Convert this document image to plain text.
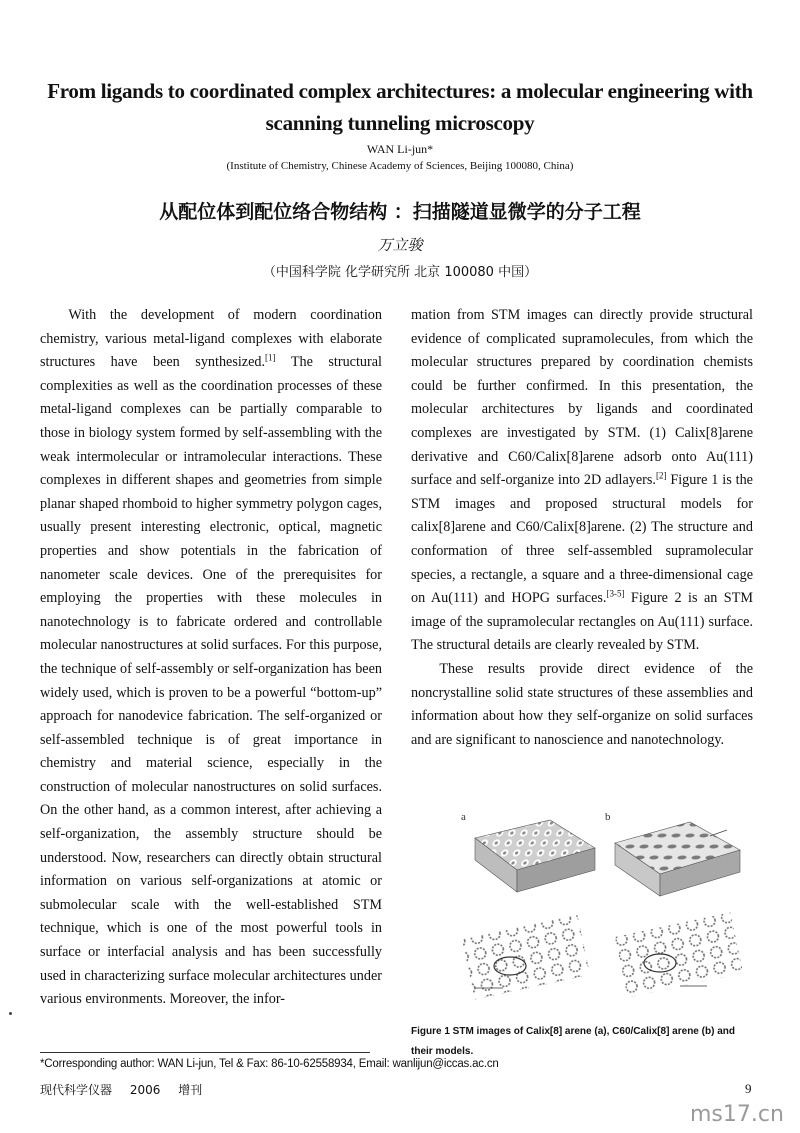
From ligands to coordinated complex architectures: a molecular engineering with scanning tunneling microscopy
WAN Li-jun*
(Institute of Chemistry, Chinese Academy of Sciences, Beijing 100080, China)
从配位体到配位络合物结构 ：扫描隧道显微学的分子工程
万立骏
（中国科学院 化学研究所 北京 100080 中国）

With the development of modern coordination chemistry, various metal-ligand complexes with elaborate structures have been synthesized.[1] The structural complexities as well as the coordination processes of these metal-ligand complexes can be partially comparable to those in biology system formed by self-assembling with the weak intermolecular or intramolecular interactions. These complexes in different shapes and geometries from simple planar shaped rhomboid to higher symmetry polygon cages, usually present interesting electronic, optical, magnetic properties and show potentials in the fabrication of nanometer scale devices. One of the prerequisites for employing the properties with these molecules in nanotechnology is to fabricate ordered and controllable molecular nanostructures at solid surfaces. For this purpose, the technique of self-assembly or self-organization has been widely used, which is proven to be a powerful “bottom-up” approach for nanodevice fabrication. The self-organized or self-assembled technique is of great importance in chemistry and material science, especially in the construction of molecular nanostructures on solid surfaces. On the other hand, as a common interest, after achieving a self-organization, the assembly structure should be understood. Now, researchers can directly obtain structural information on various self-organizations at atomic or submolecular scale with the well-established STM technique, which is one of the most powerful tools in surface or interfacial analysis and has been successfully used in characterizing surface molecular architectures under various environments. Moreover, the infor-

mation from STM images can directly provide structural evidence of complicated supramolecules, from which the molecular structures prepared by coordination chemists could be further confirmed. In this presentation, the molecular architectures by ligands and coordinated complexes are investigated by STM. (1) Calix[8]arene derivative and C60/Calix[8]arene adsorb onto Au(111) surface and self-organize into 2D adlayers.[2] Figure 1 is the STM images and proposed structural models for calix[8]arene and C60/Calix[8]arene. (2) The structure and conformation of three self-assembled supramolecular species, a rectangle, a square and a three-dimensional cage on Au(111) and HOPG surfaces.[3-5] Figure 2 is an STM image of the supramolecular rectangles on Au(111) surface. The structural details are clearly revealed by STM.

These results provide direct evidence of the noncrystalline solid state structures of these assemblies and information about how they self-organize on solid surfaces and are significant to nanoscience and nanotechnology.

a	b
Figure 1 STM images of Calix[8] arene (a), C60/Calix[8] arene (b) and their models.
*Corresponding author: WAN Li-jun, Tel & Fax: 86-10-62558934, Email: wanlijun@iccas.ac.cn
现代科学仪器 2006 增刊	9
ms17.cn
